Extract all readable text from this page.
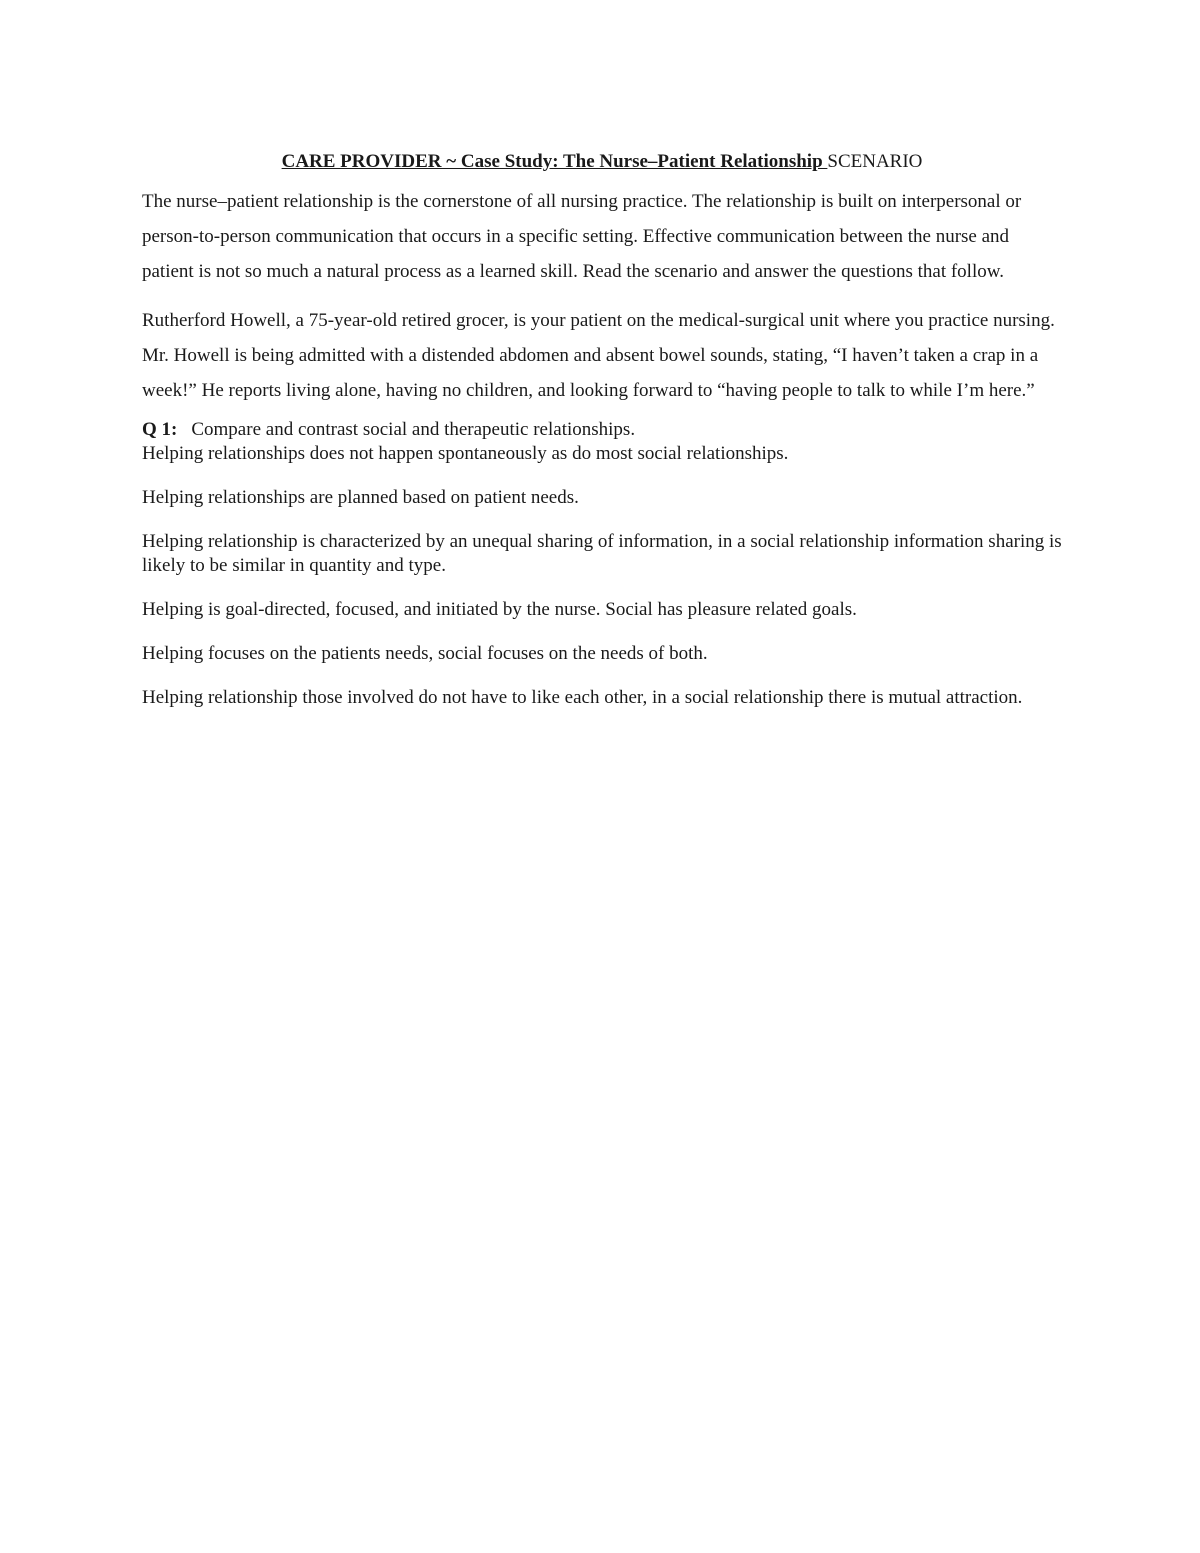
CARE PROVIDER ~ Case Study: The Nurse–Patient Relationship SCENARIO

The nurse–patient relationship is the cornerstone of all nursing practice. The relationship is built on interpersonal or person-to-person communication that occurs in a specific setting. Effective communication between the nurse and patient is not so much a natural process as a learned skill. Read the scenario and answer the questions that follow.

Rutherford Howell, a 75-year-old retired grocer, is your patient on the medical-surgical unit where you practice nursing. Mr. Howell is being admitted with a distended abdomen and absent bowel sounds, stating, “I haven’t taken a crap in a week!” He reports living alone, having no children, and looking forward to “having people to talk to while I’m here.”

Q 1: Compare and contrast social and therapeutic relationships.

Helping relationships does not happen spontaneously as do most social relationships.
Helping relationships are planned based on patient needs.
Helping relationship is characterized by an unequal sharing of information, in a social relationship information sharing is likely to be similar in quantity and type.
Helping is goal-directed, focused, and initiated by the nurse. Social has pleasure related goals.
Helping focuses on the patients needs, social focuses on the needs of both.
Helping relationship those involved do not have to like each other, in a social relationship there is mutual attraction.
